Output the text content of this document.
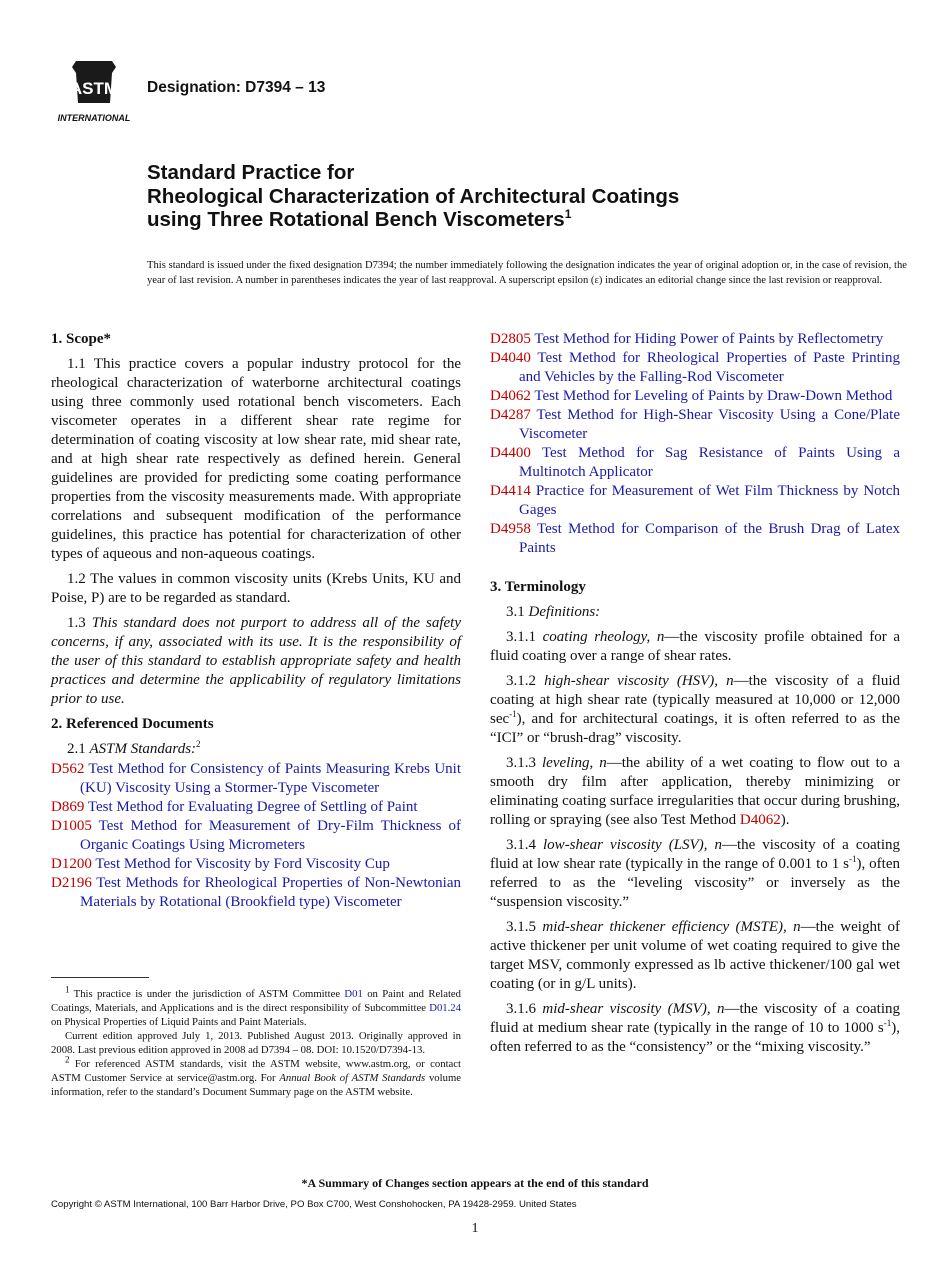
ASTM
INTERNATIONAL
Designation: D7394 – 13
Standard Practice for
Rheological Characterization of Architectural Coatings
using Three Rotational Bench Viscometers$^1$
This standard is issued under the fixed designation D7394; the number immediately following the designation indicates the year of original adoption or, in the case of revision, the year of last revision. A number in parentheses indicates the year of last reapproval. A superscript epsilon (ε) indicates an editorial change since the last revision or reapproval.
1. Scope*

1.1 This practice covers a popular industry protocol for the rheological characterization of waterborne architectural coatings using three commonly used rotational bench viscometers. Each viscometer operates in a different shear rate regime for determination of coating viscosity at low shear rate, mid shear rate, and at high shear rate respectively as defined herein. General guidelines are provided for predicting some coating performance properties from the viscosity measurements made. With appropriate correlations and subsequent modification of the performance guidelines, this practice has potential for characterization of other types of aqueous and non-aqueous coatings.

1.2 The values in common viscosity units (Krebs Units, KU and Poise, P) are to be regarded as standard.

1.3 This standard does not purport to address all of the safety concerns, if any, associated with its use. It is the responsibility of the user of this standard to establish appropriate safety and health practices and determine the applicability of regulatory limitations prior to use.

2. Referenced Documents

2.1 ASTM Standards:$^2$

D562 Test Method for Consistency of Paints Measuring Krebs Unit (KU) Viscosity Using a Stormer-Type Viscometer

D869 Test Method for Evaluating Degree of Settling of Paint

D1005 Test Method for Measurement of Dry-Film Thickness of Organic Coatings Using Micrometers

D1200 Test Method for Viscosity by Ford Viscosity Cup

D2196 Test Methods for Rheological Properties of Non-Newtonian Materials by Rotational (Brookfield type) Viscometer

$^1$ This practice is under the jurisdiction of ASTM Committee D01 on Paint and Related Coatings, Materials, and Applications and is the direct responsibility of Subcommittee D01.24 on Physical Properties of Liquid Paints and Paint Materials.

Current edition approved July 1, 2013. Published August 2013. Originally approved in 2008. Last previous edition approved in 2008 ad D7394 – 08. DOI: 10.1520/D7394-13.

$^2$ For referenced ASTM standards, visit the ASTM website, www.astm.org, or contact ASTM Customer Service at service@astm.org. For Annual Book of ASTM Standards volume information, refer to the standard’s Document Summary page on the ASTM website.

D2805 Test Method for Hiding Power of Paints by Reflectometry

D4040 Test Method for Rheological Properties of Paste Printing and Vehicles by the Falling-Rod Viscometer

D4062 Test Method for Leveling of Paints by Draw-Down Method

D4287 Test Method for High-Shear Viscosity Using a Cone/Plate Viscometer

D4400 Test Method for Sag Resistance of Paints Using a Multinotch Applicator

D4414 Practice for Measurement of Wet Film Thickness by Notch Gages

D4958 Test Method for Comparison of the Brush Drag of Latex Paints

3. Terminology

3.1 Definitions:

3.1.1 coating rheology, n—the viscosity profile obtained for a fluid coating over a range of shear rates.

3.1.2 high-shear viscosity (HSV), n—the viscosity of a fluid coating at high shear rate (typically measured at 10,000 or 12,000 $\sec^{-1}$), and for architectural coatings, it is often referred to as the “ICI” or “brush-drag” viscosity.

3.1.3 leveling, n—the ability of a wet coating to flow out to a smooth dry film after application, thereby minimizing or eliminating coating surface irregularities that occur during brushing, rolling or spraying (see also Test Method D4062).

3.1.4 low-shear viscosity (LSV), n—the viscosity of a coating fluid at low shear rate (typically in the range of 0.001 to 1 $s^{-1}$), often referred to as the “leveling viscosity” or inversely as the “suspension viscosity.”

3.1.5 mid-shear thickener efficiency (MSTE), n—the weight of active thickener per unit volume of wet coating required to give the target MSV, commonly expressed as lb active thickener/100 gal wet coating (or in g/L units).

3.1.6 mid-shear viscosity (MSV), n—the viscosity of a coating fluid at medium shear rate (typically in the range of 10 to 1000 $s^{-1}$), often referred to as the “consistency” or the “mixing viscosity.”

*A Summary of Changes section appears at the end of this standard
Copyright © ASTM International, 100 Barr Harbor Drive, PO Box C700, West Conshohocken, PA 19428-2959. United States
1
